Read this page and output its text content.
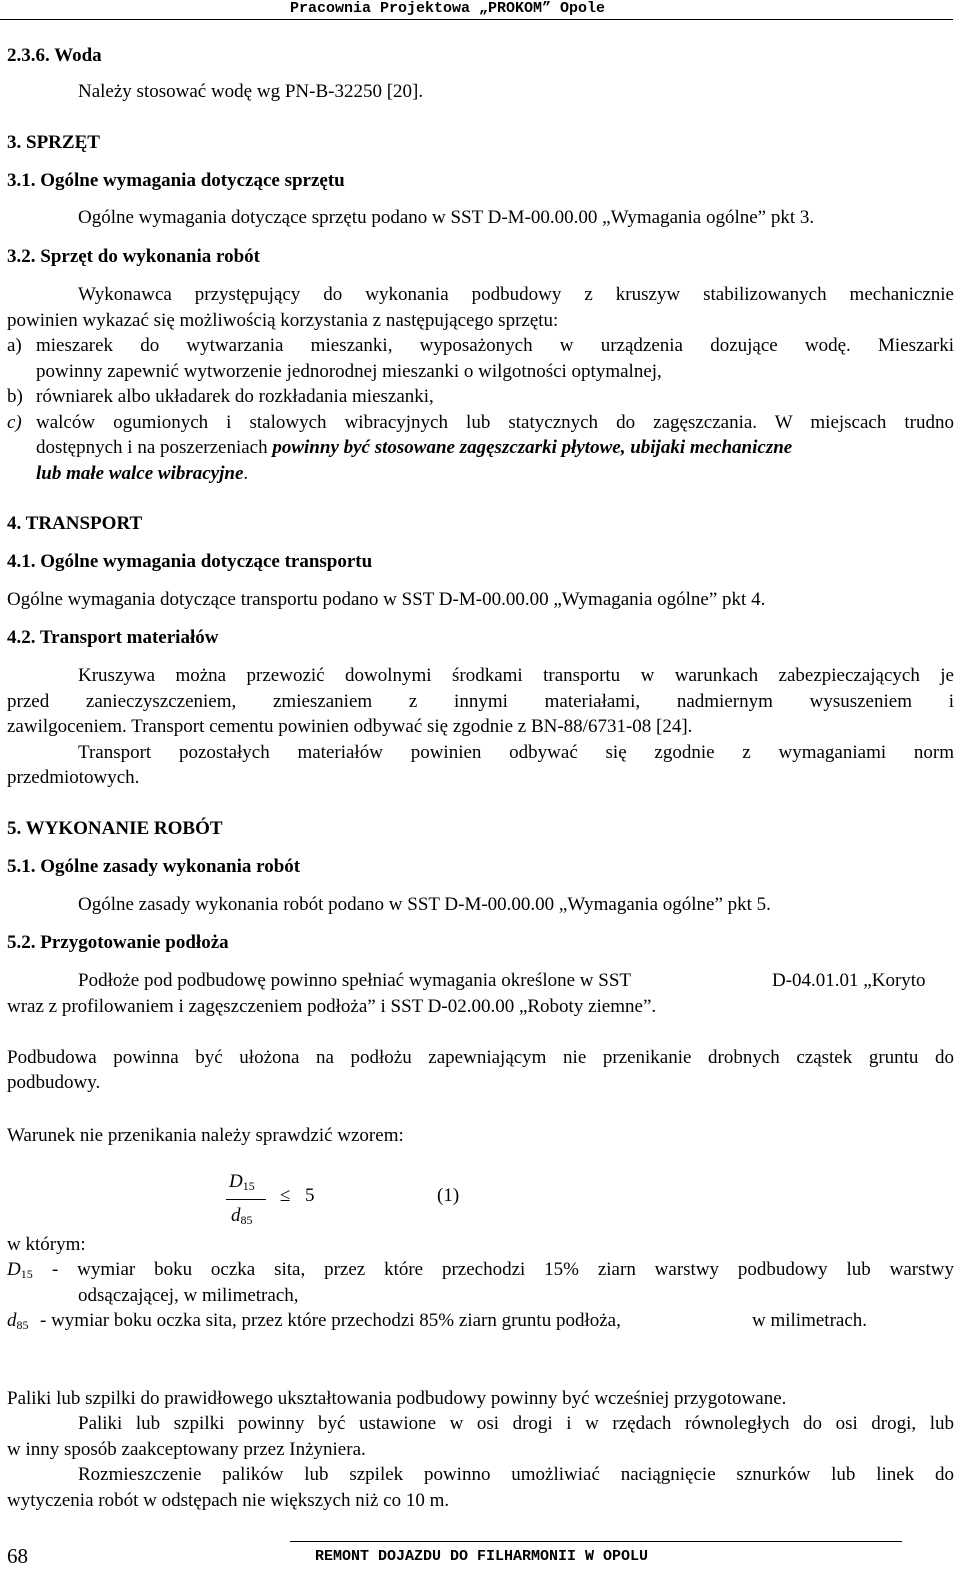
Pracownia Projektowa „PROKOM” Opole
2.3.6. Woda
Należy stosować wodę wg PN-B-32250 [20].
3. SPRZĘT
3.1. Ogólne wymagania dotyczące sprzętu
Ogólne wymagania dotyczące sprzętu podano w SST D-M-00.00.00 „Wymagania ogólne” pkt 3.
3.2. Sprzęt do wykonania robót
Wykonawca przystępujący do wykonania podbudowy z kruszyw stabilizowanych mechanicznie
powinien wykazać się możliwością korzystania z następującego sprzętu:
a) mieszarek do wytwarzania mieszanki, wyposażonych w urządzenia dozujące wodę. Mieszarki
powinny zapewnić wytworzenie jednorodnej mieszanki o wilgotności optymalnej,
b) równiarek albo układarek do rozkładania mieszanki,
c) walców ogumionych i stalowych wibracyjnych lub statycznych do zagęszczania. W miejscach trudno
dostępnych i na poszerzeniach powinny być stosowane zagęszczarki płytowe, ubijaki mechaniczne
lub małe walce wibracyjne.
4. TRANSPORT
4.1. Ogólne wymagania dotyczące transportu
Ogólne wymagania dotyczące transportu podano w SST D-M-00.00.00 „Wymagania ogólne” pkt 4.
4.2. Transport materiałów
Kruszywa można przewozić dowolnymi środkami transportu w warunkach zabezpieczających je
przed zanieczyszczeniem, zmieszaniem z innymi materiałami, nadmiernym wysuszeniem i
zawilgoceniem. Transport cementu powinien odbywać się zgodnie z BN-88/6731-08 [24].
Transport pozostałych materiałów powinien odbywać się zgodnie z wymaganiami norm
przedmiotowych.
5. WYKONANIE ROBÓT
5.1. Ogólne zasady wykonania robót
Ogólne zasady wykonania robót podano w SST D-M-00.00.00 „Wymagania ogólne” pkt 5.
5.2. Przygotowanie podłoża
Podłoże pod podbudowę powinno spełniać wymagania określone w SST	D-04.01.01 „Koryto
wraz z profilowaniem i zagęszczeniem podłoża” i SST D-02.00.00 „Roboty ziemne”.
Podbudowa powinna być ułożona na podłożu zapewniającym nie przenikanie drobnych cząstek gruntu do
podbudowy.
Warunek nie przenikania należy sprawdzić wzorem:
$D_{15}$
$d_{85}$
≤ 5	(1)
w którym:
$D_{15}$ - wymiar boku oczka sita, przez które przechodzi 15% ziarn warstwy podbudowy lub warstwy
odsączającej, w milimetrach,
$d_{85}$ - wymiar boku oczka sita, przez które przechodzi 85% ziarn gruntu podłoża,	w milimetrach.
Paliki lub szpilki do prawidłowego ukształtowania podbudowy powinny być wcześniej przygotowane.
Paliki lub szpilki powinny być ustawione w osi drogi i w rzędach równoległych do osi drogi, lub
w inny sposób zaakceptowany przez Inżyniera.
Rozmieszczenie palików lub szpilek powinno umożliwiać naciągnięcie sznurków lub linek do
wytyczenia robót w odstępach nie większych niż co 10 m.
68	REMONT DOJAZDU DO FILHARMONII W OPOLU
